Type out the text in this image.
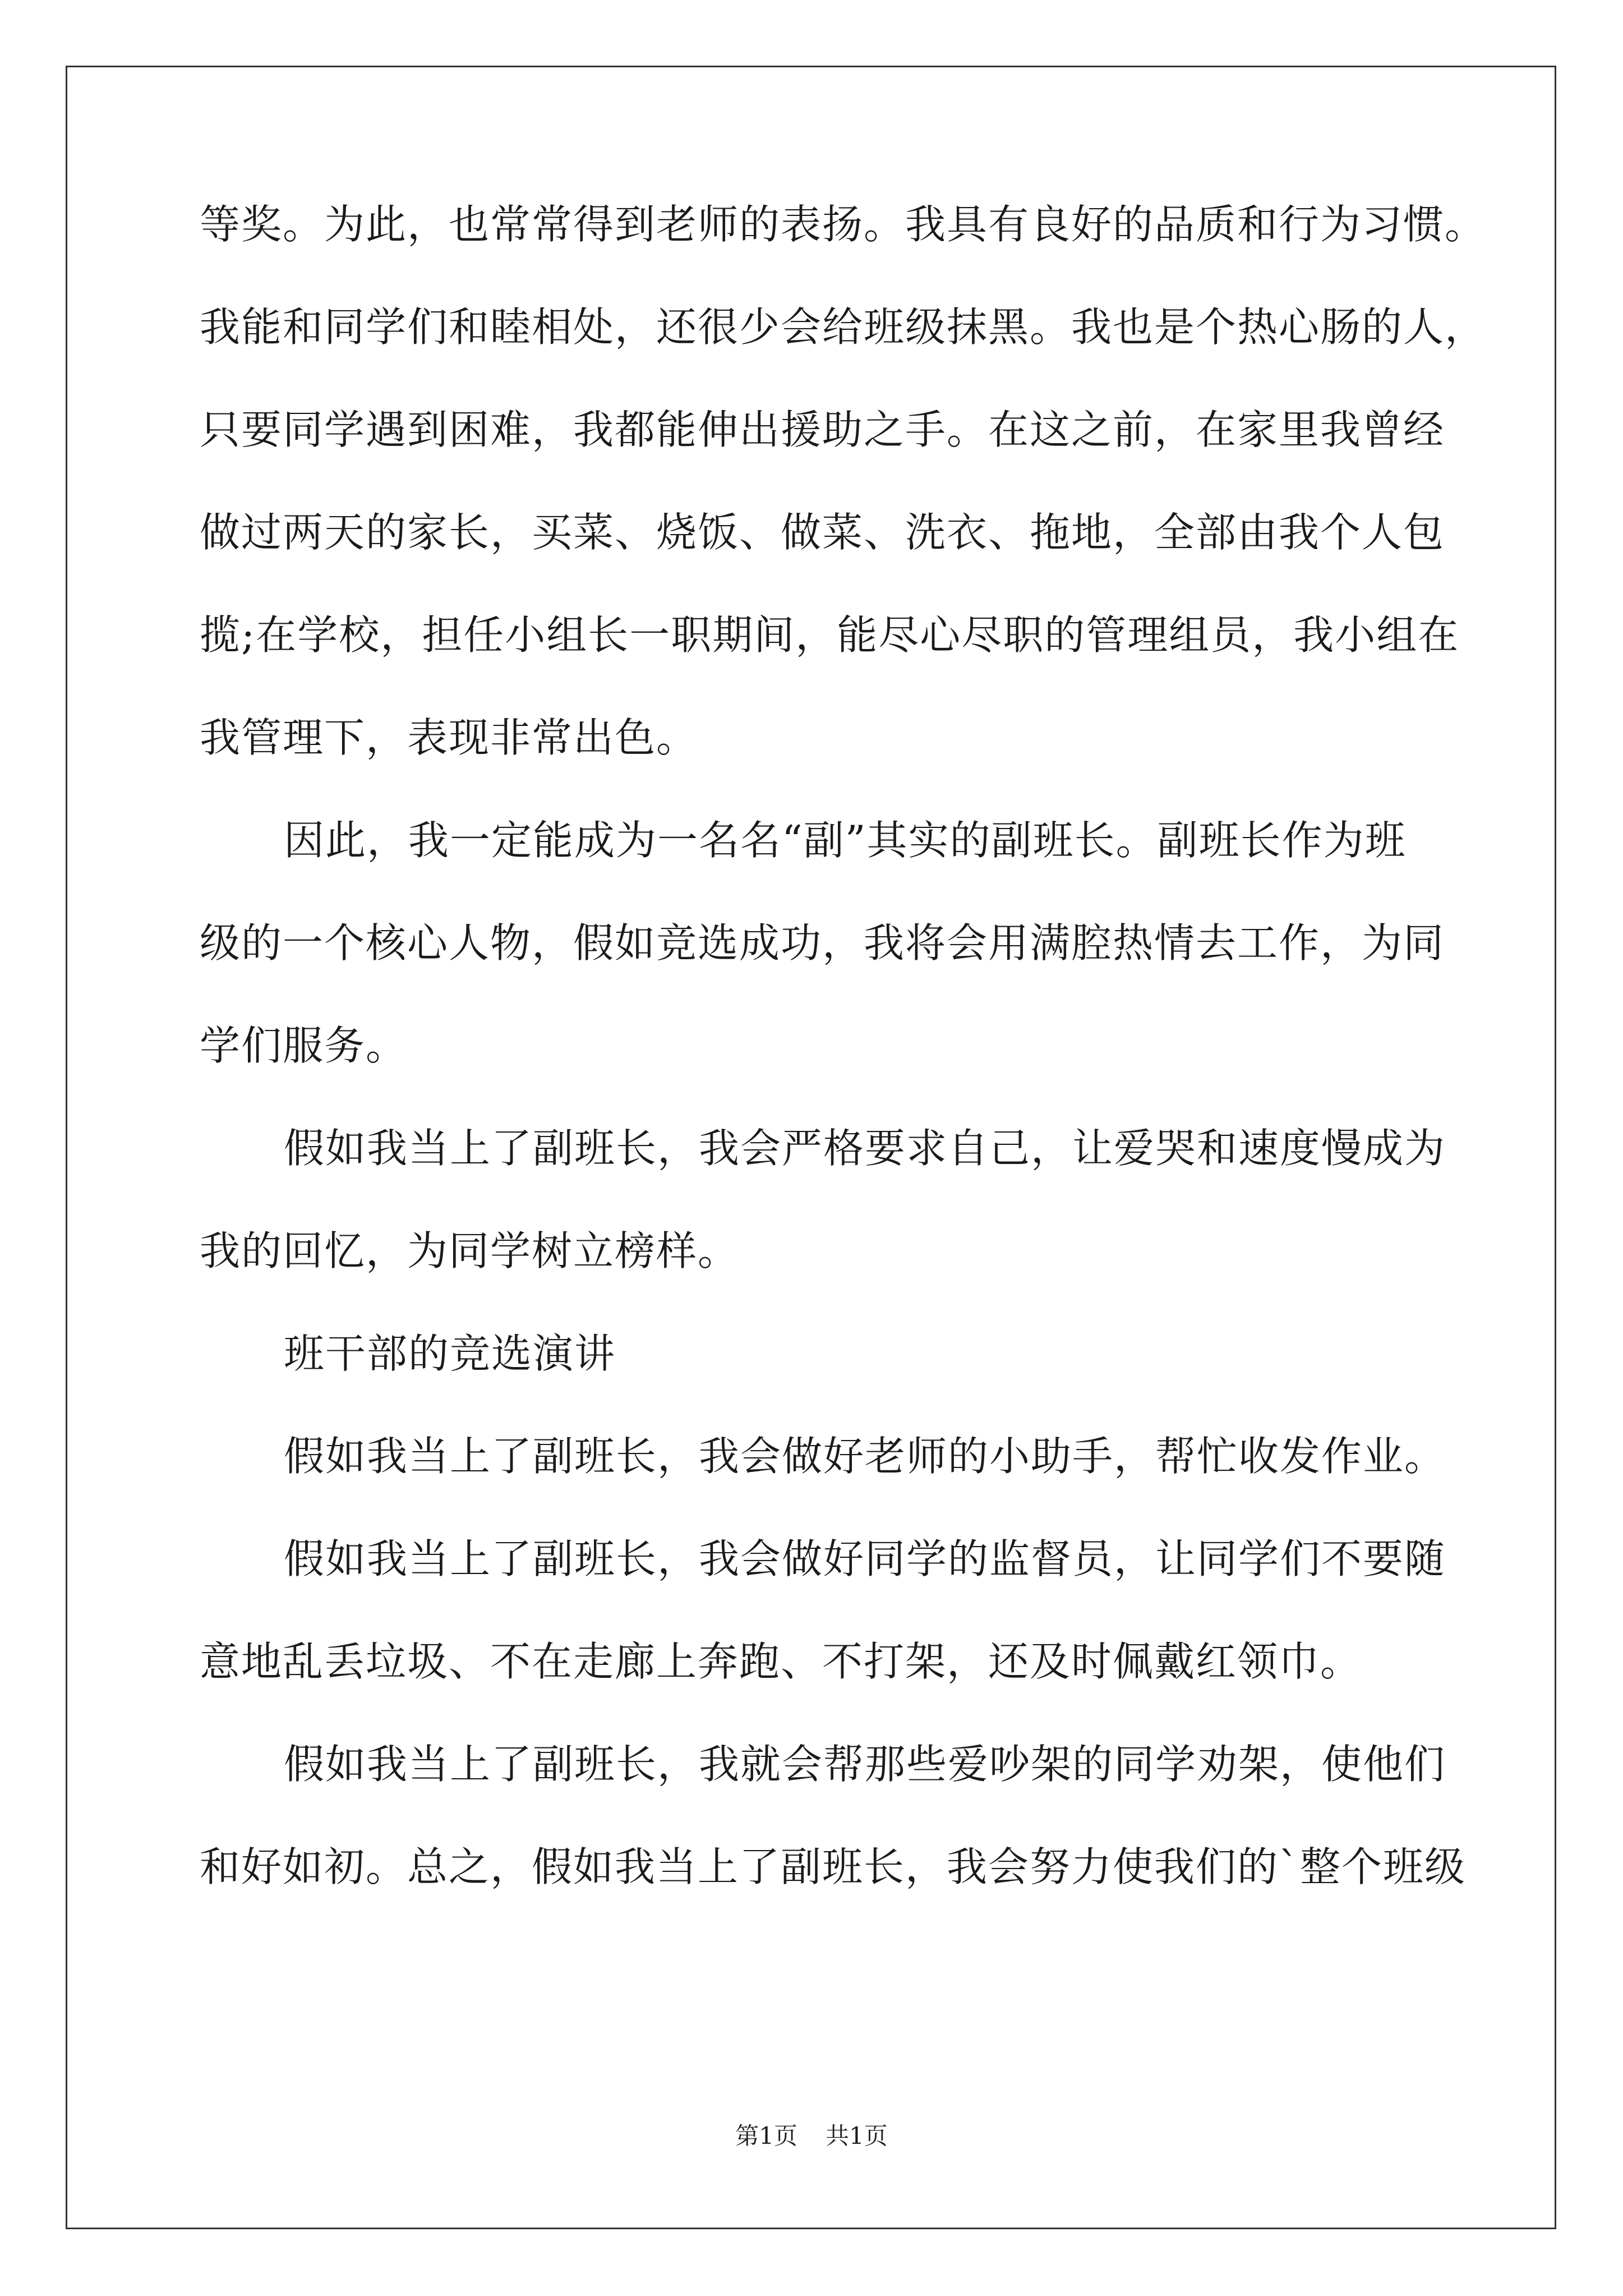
等奖。为此，也常常得到老师的表扬。我具有良好的品质和行为习惯。
我能和同学们和睦相处，还很少会给班级抹黑。我也是个热心肠的人，
只要同学遇到困难，我都能伸出援助之手。在这之前，在家里我曾经
做过两天的家长，买菜、烧饭、做菜、洗衣、拖地，全部由我个人包
揽;在学校，担任小组长一职期间，能尽心尽职的管理组员，我小组在
我管理下，表现非常出色。
因此，我一定能成为一名名“副”其实的副班长。副班长作为班
级的一个核心人物，假如竞选成功，我将会用满腔热情去工作，为同
学们服务。
假如我当上了副班长，我会严格要求自己，让爱哭和速度慢成为
我的回忆，为同学树立榜样。
班干部的竞选演讲
假如我当上了副班长，我会做好老师的小助手，帮忙收发作业。
假如我当上了副班长，我会做好同学的监督员，让同学们不要随
意地乱丢垃圾、不在走廊上奔跑、不打架，还及时佩戴红领巾。
假如我当上了副班长，我就会帮那些爱吵架的同学劝架，使他们
和好如初。总之，假如我当上了副班长，我会努力使我们的`整个班级
第1页 共1页
